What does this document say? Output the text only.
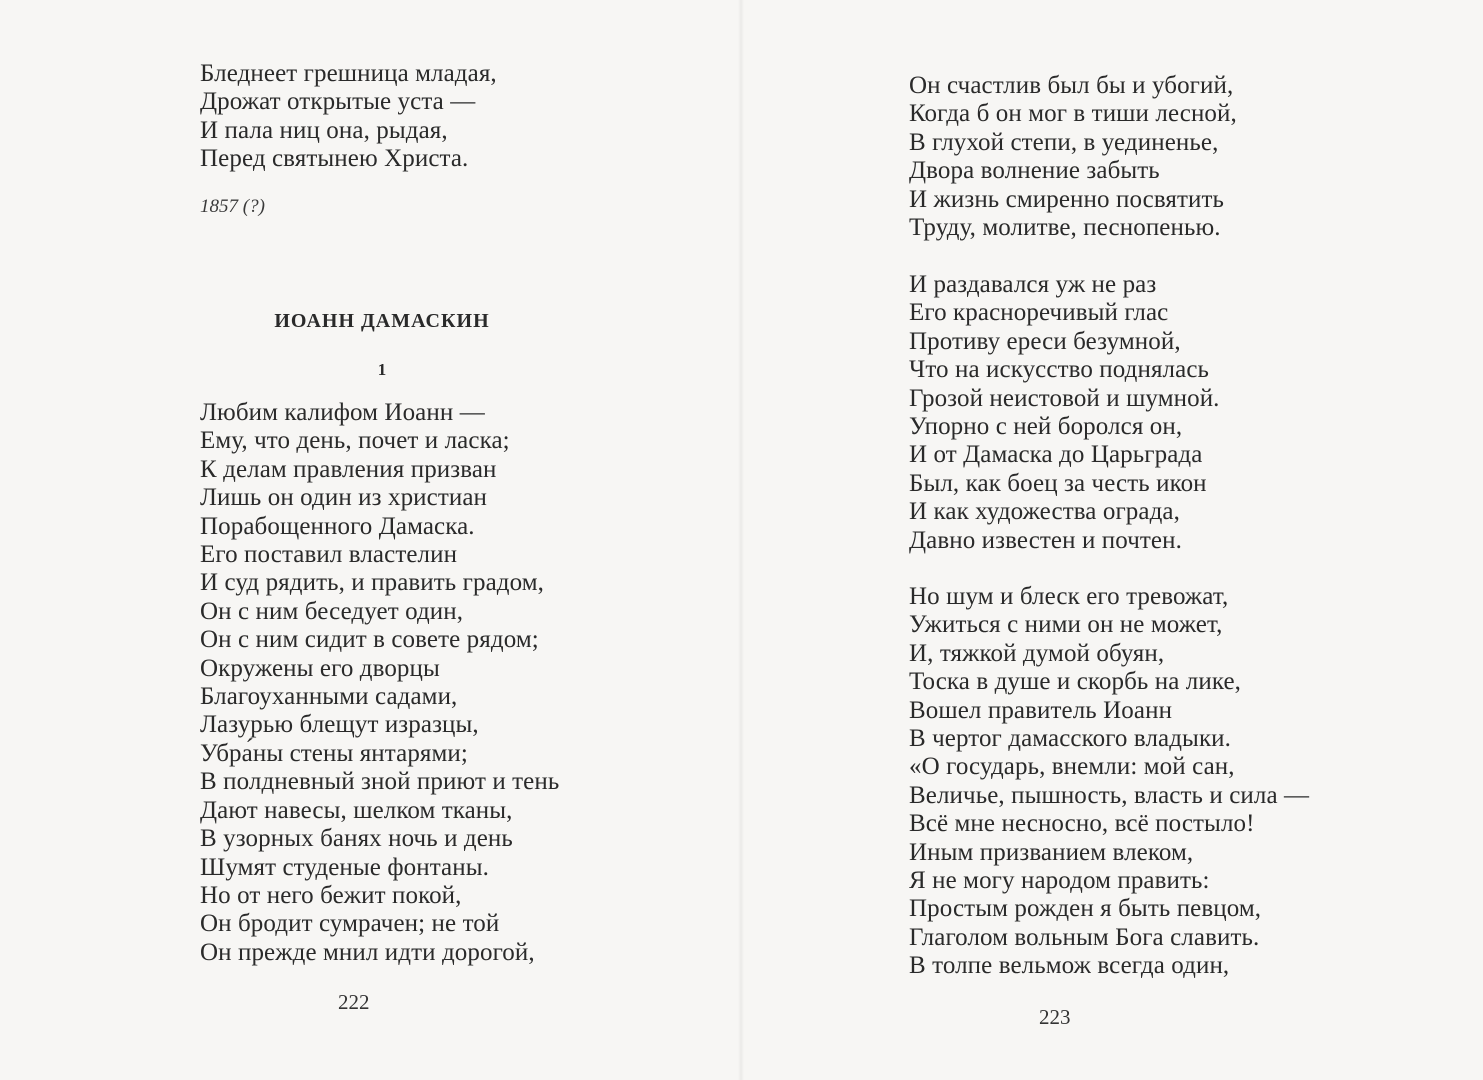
Бледнеет грешница младая,
Дрожат открытые уста —
И пала ниц она, рыдая,
Перед святынею Христа.
1857 (?)
ИОАНН ДАМАСКИН
1
Любим калифом Иоанн —
Ему, что день, почет и ласка;
К делам правления призван
Лишь он один из христиан
Порабощенного Дамаска.
Его поставил властелин
И суд рядить, и править градом,
Он с ним беседует один,
Он с ним сидит в совете рядом;
Окружены его дворцы
Благоуханными садами,
Лазурью блещут изразцы,
Убра́ны стены янтарями;
В полдневный зной приют и тень
Дают навесы, шелком тканы,
В узорных банях ночь и день
Шумят студеные фонтаны.
Но от него бежит покой,
Он бродит сумрачен; не той
Он прежде мнил идти дорогой,
222
Он счастлив был бы и убогий,
Когда б он мог в тиши лесной,
В глухой степи, в уединенье,
Двора волнение забыть
И жизнь смиренно посвятить
Труду, молитве, песнопенью.
И раздавался уж не раз
Его красноречивый глас
Противу ереси безумной,
Что на искусство поднялась
Грозой неистовой и шумной.
Упорно с ней боролся он,
И от Дамаска до Царьграда
Был, как боец за честь икон
И как художества ограда,
Давно известен и почтен.
Но шум и блеск его тревожат,
Ужиться с ними он не может,
И, тяжкой думой обуян,
Тоска в душе и скорбь на лике,
Вошел правитель Иоанн
В чертог дамасского владыки.
«О государь, внемли: мой сан,
Величье, пышность, власть и сила —
Всё мне несносно, всё постыло!
Иным призванием влеком,
Я не могу народом править:
Простым рожден я быть певцом,
Глаголом вольным Бога славить.
В толпе вельмож всегда один,
223
